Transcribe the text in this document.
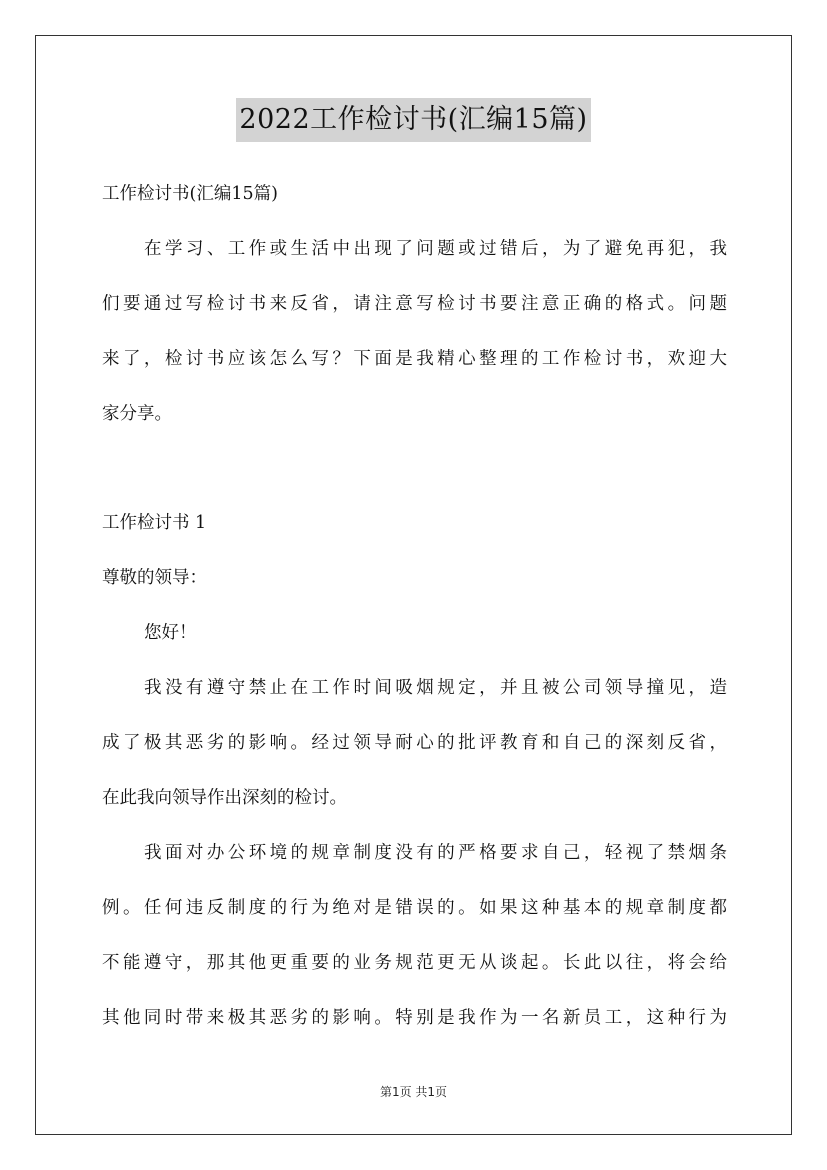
2022工作检讨书(汇编15篇)

工作检讨书(汇编15篇)

在学习、工作或生活中出现了问题或过错后，为了避免再犯，我

们要通过写检讨书来反省，请注意写检讨书要注意正确的格式。问题

来了，检讨书应该怎么写？下面是我精心整理的工作检讨书，欢迎大

家分享。

工作检讨书 1

尊敬的领导：

您好！

我没有遵守禁止在工作时间吸烟规定，并且被公司领导撞见，造

成了极其恶劣的影响。经过领导耐心的批评教育和自己的深刻反省，

在此我向领导作出深刻的检讨。

我面对办公环境的规章制度没有的严格要求自己，轻视了禁烟条

例。任何违反制度的行为绝对是错误的。如果这种基本的规章制度都

不能遵守，那其他更重要的业务规范更无从谈起。长此以往，将会给

其他同时带来极其恶劣的影响。特别是我作为一名新员工，这种行为

第1页 共1页
